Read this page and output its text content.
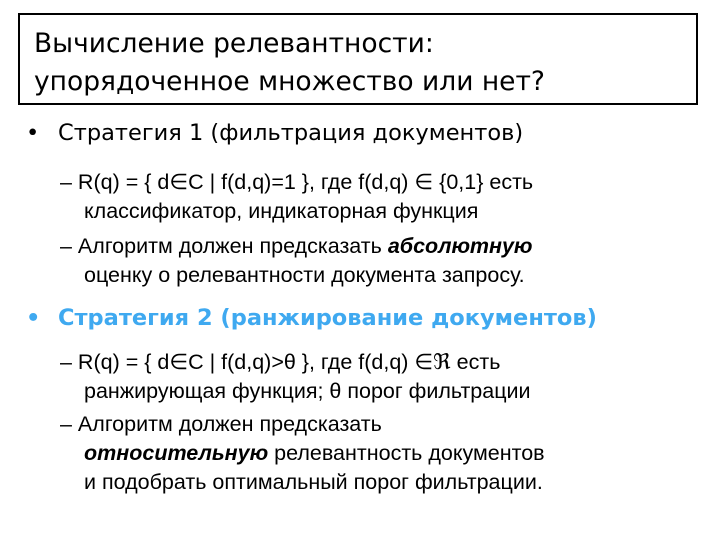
Вычисление релевантности:
упорядоченное множество или нет?
• Стратегия 1 (фильтрация документов)
– R(q) = { d∈C | f(d,q)=1 }, где f(d,q) ∈ {0,1} есть
классификатор, индикаторная функция
– Алгоритм должен предсказать абсолютную
оценку о релевантности документа запросу.
• Стратегия 2 (ранжирование документов)
– R(q) = { d∈C | f(d,q)>θ }, где f(d,q) ∈ℜ есть
ранжирующая функция; θ порог фильтрации
– Алгоритм должен предсказать
относительную релевантность документов
и подобрать оптимальный порог фильтрации.
